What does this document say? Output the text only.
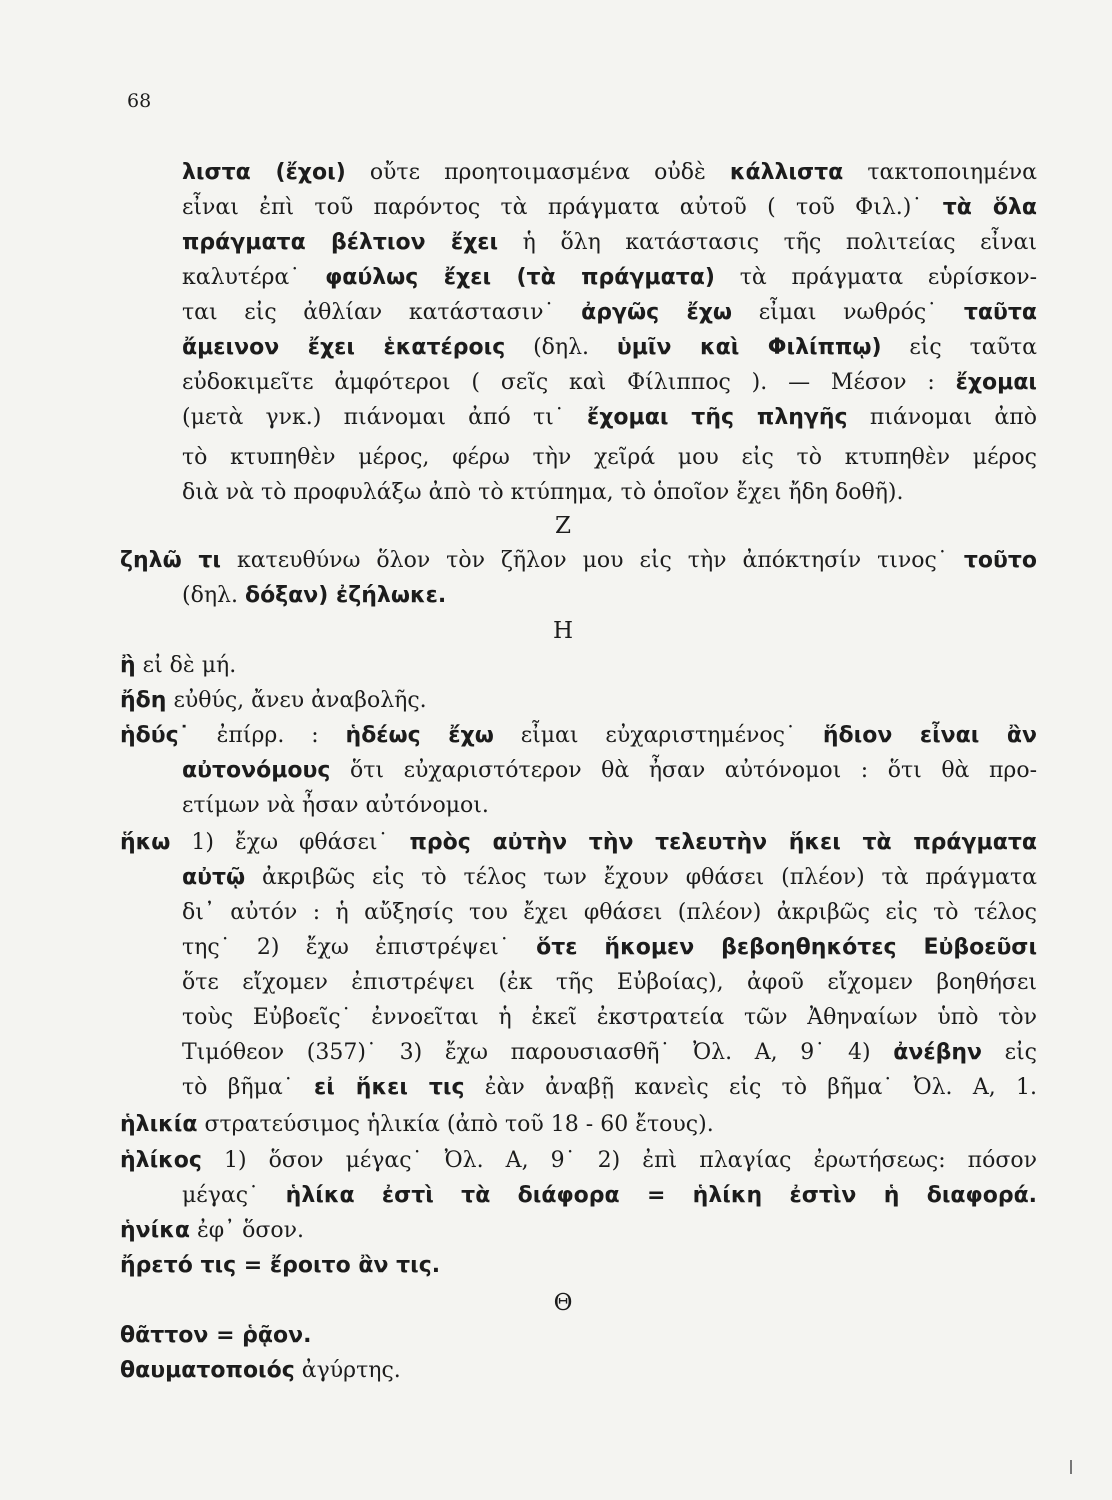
68
Ζ
Η
Θ
λιστα (ἔχοι) οὔτε προητοιμασμένα οὐδὲ κάλλιστα τακτοποιημένα
εἶναι ἐπὶ τοῦ παρόντος τὰ πράγματα αὐτοῦ ( τοῦ Φιλ.)˙ τὰ ὅλα
πράγματα βέλτιον ἔχει ἡ ὅλη κατάστασις τῆς πολιτείας εἶναι
καλυτέρα˙ φαύλως ἔχει (τὰ πράγματα) τὰ πράγματα εὑρίσκον-
ται εἰς ἀθλίαν κατάστασιν˙ ἀργῶς ἔχω εἶμαι νωθρός˙ ταῦτα
ἄμεινον ἔχει ἑκατέροις (δηλ. ὑμῖν καὶ Φιλίππῳ) εἰς ταῦτα
εὐδοκιμεῖτε ἀμφότεροι ( σεῖς καὶ Φίλιππος ). — Μέσον : ἔχομαι
(μετὰ γνκ.) πιάνομαι ἀπό τι˙ ἔχομαι τῆς πληγῆς πιάνομαι ἀπὸ
τὸ κτυπηθὲν μέρος, φέρω τὴν χεῖρά μου εἰς τὸ κτυπηθὲν μέρος
διὰ νὰ τὸ προφυλάξω ἀπὸ τὸ κτύπημα, τὸ ὁποῖον ἔχει ἤδη δοθῆ).
ζηλῶ τι κατευθύνω ὅλον τὸν ζῆλον μου εἰς τὴν ἀπόκτησίν τινος˙ τοῦτο
(δηλ. δόξαν) ἐζήλωκε.
ἢ εἰ δὲ μή.
ἤδη εὐθύς, ἄνευ ἀναβολῆς.
ἡδύς˙ ἐπίρρ. : ἡδέως ἔχω εἶμαι εὐχαριστημένος˙ ἥδιον εἶναι ἂν
αὐτονόμους ὅτι εὐχαριστότερον θὰ ἦσαν αὐτόνομοι : ὅτι θὰ προ-
ετίμων νὰ ἦσαν αὐτόνομοι.
ἥκω 1) ἔχω φθάσει˙ πρὸς αὐτὴν τὴν τελευτὴν ἥκει τὰ πράγματα
αὐτῷ ἀκριβῶς εἰς τὸ τέλος των ἔχουν φθάσει (πλέον) τὰ πράγματα
δι᾽ αὐτόν : ἡ αὔξησίς του ἔχει φθάσει (πλέον) ἀκριβῶς εἰς τὸ τέλος
της˙ 2) ἔχω ἐπιστρέψει˙ ὅτε ἥκομεν βεβοηθηκότες Εὐβοεῦσι
ὅτε εἴχομεν ἐπιστρέψει (ἐκ τῆς Εὐβοίας), ἀφοῦ εἴχομεν βοηθήσει
τοὺς Εὐβοεῖς˙ ἐννοεῖται ἡ ἐκεῖ ἐκστρατεία τῶν Ἀθηναίων ὑπὸ τὸν
Τιμόθεον (357)˙ 3) ἔχω παρουσιασθῆ˙ Ὀλ. Α, 9˙ 4) ἀνέβην εἰς
τὸ βῆμα˙ εἰ ἥκει τις ἐὰν ἀναβῇ κανεὶς εἰς τὸ βῆμα˙ Ὀλ. Α, 1.
ἡλικία στρατεύσιμος ἡλικία (ἀπὸ τοῦ 18 - 60 ἔτους).
ἡλίκος 1) ὅσον μέγας˙ Ὀλ. Α, 9˙ 2) ἐπὶ πλαγίας ἐρωτήσεως: πόσον
μέγας˙ ἡλίκα ἐστὶ τὰ διάφορα = ἡλίκη ἐστὶν ἡ διαφορά.
ἡνίκα ἐφ᾽ ὅσον.
ἤρετό τις = ἔροιτο ἂν τις.
θᾶττον = ῥᾷον.
θαυματοποιός ἀγύρτης.
